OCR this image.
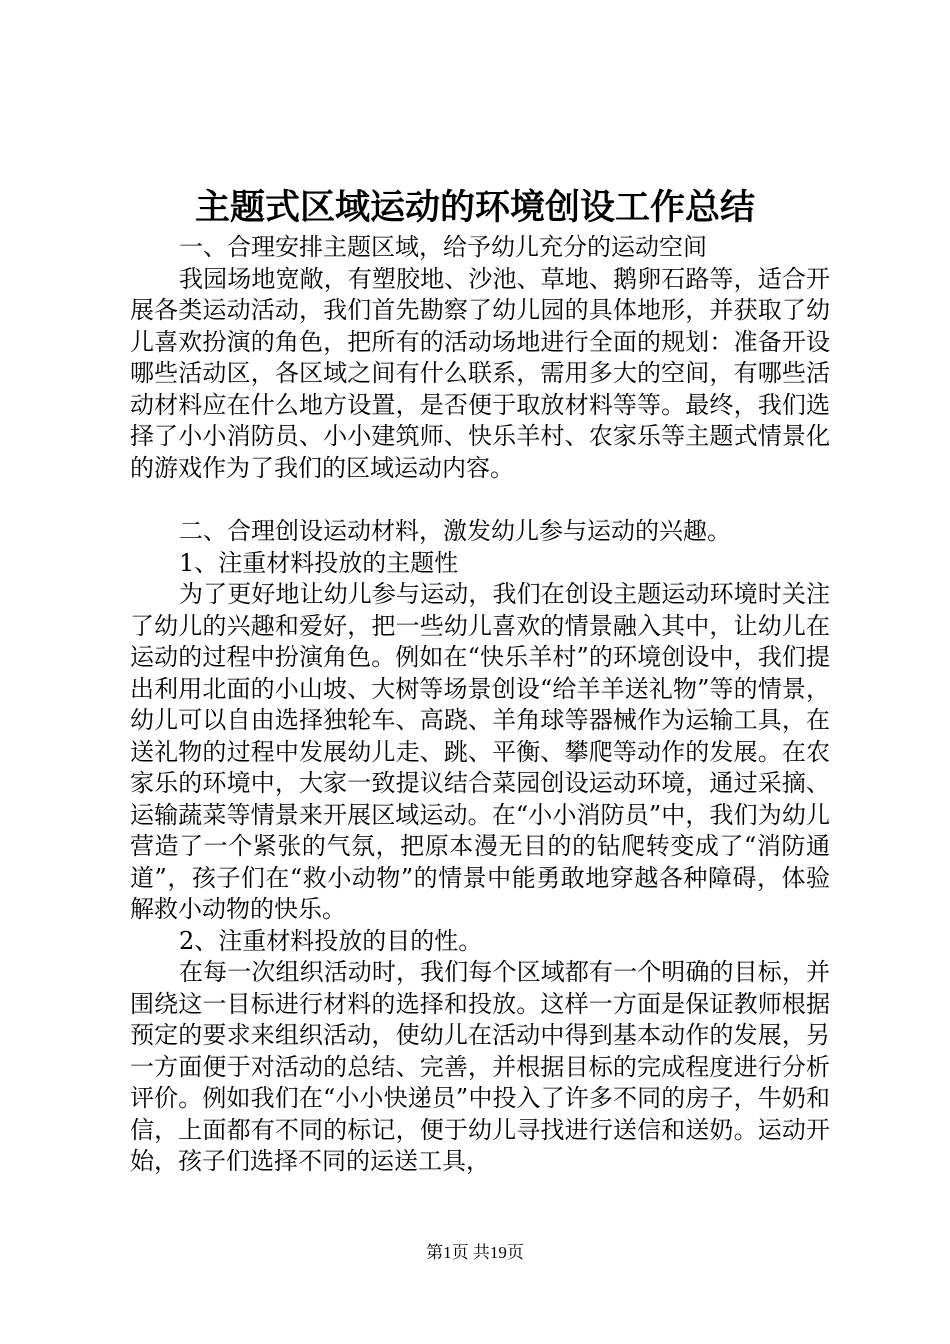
主题式区域运动的环境创设工作总结

一、合理安排主题区域，给予幼儿充分的运动空间

我园场地宽敞，有塑胶地、沙池、草地、鹅卵石路等，适合开展各类运动活动，我们首先勘察了幼儿园的具体地形，并获取了幼儿喜欢扮演的角色，把所有的活动场地进行全面的规划：准备开设哪些活动区，各区域之间有什么联系，需用多大的空间，有哪些活动材料应在什么地方设置，是否便于取放材料等等。最终，我们选择了小小消防员、小小建筑师、快乐羊村、农家乐等主题式情景化的游戏作为了我们的区域运动内容。

二、合理创设运动材料，激发幼儿参与运动的兴趣。

1、注重材料投放的主题性

为了更好地让幼儿参与运动，我们在创设主题运动环境时关注了幼儿的兴趣和爱好，把一些幼儿喜欢的情景融入其中，让幼儿在运动的过程中扮演角色。例如在“快乐羊村”的环境创设中，我们提出利用北面的小山坡、大树等场景创设“给羊羊送礼物”等的情景，幼儿可以自由选择独轮车、高跷、羊角球等器械作为运输工具，在送礼物的过程中发展幼儿走、跳、平衡、攀爬等动作的发展。在农家乐的环境中，大家一致提议结合菜园创设运动环境，通过采摘、运输蔬菜等情景来开展区域运动。在“小小消防员”中，我们为幼儿营造了一个紧张的气氛，把原本漫无目的的钻爬转变成了“消防通道”，孩子们在“救小动物”的情景中能勇敢地穿越各种障碍，体验解救小动物的快乐。

2、注重材料投放的目的性。

在每一次组织活动时，我们每个区域都有一个明确的目标，并围绕这一目标进行材料的选择和投放。这样一方面是保证教师根据预定的要求来组织活动，使幼儿在活动中得到基本动作的发展，另一方面便于对活动的总结、完善，并根据目标的完成程度进行分析评价。例如我们在“小小快递员”中投入了许多不同的房子，牛奶和信，上面都有不同的标记，便于幼儿寻找进行送信和送奶。运动开始，孩子们选择不同的运送工具，

第1页 共19页
